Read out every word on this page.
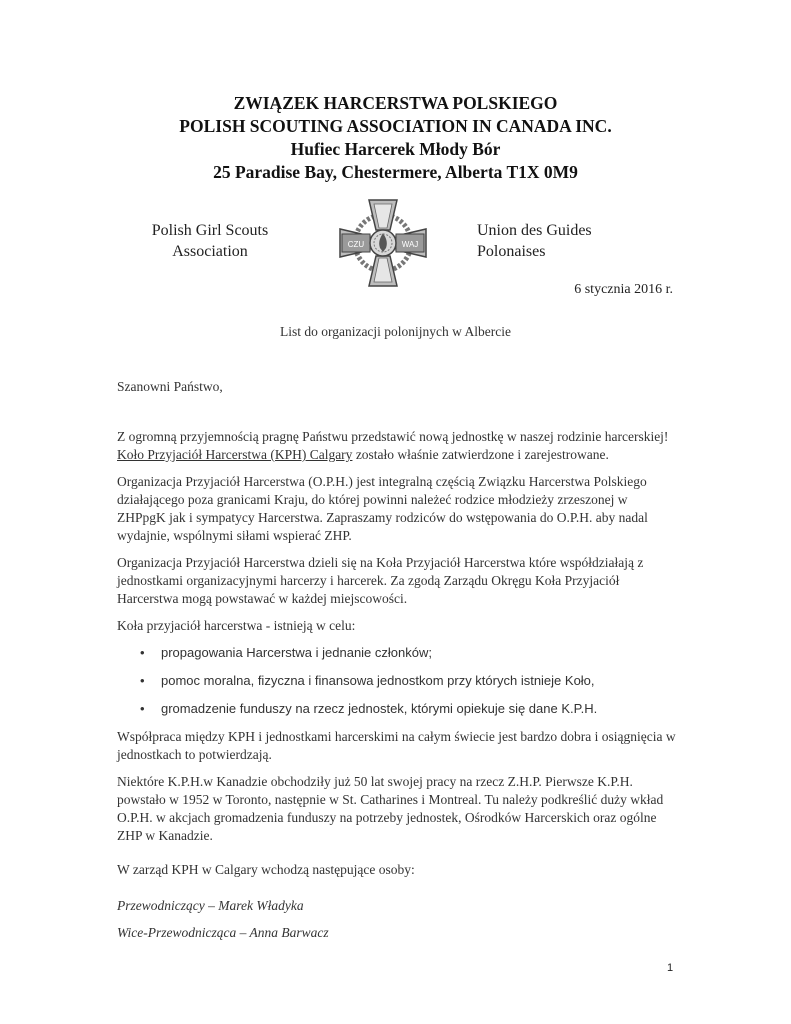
ZWIĄZEK HARCERSTWA POLSKIEGO
POLISH SCOUTING ASSOCIATION IN CANADA INC.
Hufiec Harcerek Młody Bór
25 Paradise Bay, Chestermere, Alberta T1X 0M9
Polish Girl Scouts
Association	CZU	WAJ
Union des Guides
Polonaises
6 stycznia 2016 r.
List do organizacji polonijnych w Albercie

Szanowni Państwo,

Z ogromną przyjemnością pragnę Państwu przedstawić nową jednostkę w naszej rodzinie harcerskiej! Koło Przyjaciół Harcerstwa (KPH) Calgary zostało właśnie zatwierdzone i zarejestrowane.

Organizacja Przyjaciół Harcerstwa (O.P.H.) jest integralną częścią Związku Harcerstwa Polskiego działającego poza granicami Kraju, do której powinni należeć rodzice młodzieży zrzeszonej w ZHPpgK jak i sympatycy Harcerstwa. Zapraszamy rodziców do wstępowania do O.P.H. aby nadal wydajnie, wspólnymi siłami wspierać ZHP.

Organizacja Przyjaciół Harcerstwa dzieli się na Koła Przyjaciół Harcerstwa które współdziałają z jednostkami organizacyjnymi harcerzy i harcerek. Za zgodą Zarządu Okręgu Koła Przyjaciół Harcerstwa mogą powstawać w każdej miejscowości.

Koła przyjaciół harcerstwa - istnieją w celu:

• propagowania Harcerstwa i jednanie członków;
• pomoc moralna, fizyczna i finansowa jednostkom przy których istnieje Koło,
• gromadzenie funduszy na rzecz jednostek, którymi opiekuje się dane K.P.H.

Współpraca między KPH i jednostkami harcerskimi na całym świecie jest bardzo dobra i osiągnięcia w jednostkach to potwierdzają.

Niektóre K.P.H.w Kanadzie obchodziły już 50 lat swojej pracy na rzecz Z.H.P. Pierwsze K.P.H. powstało w 1952 w Toronto, następnie w St. Catharines i Montreal. Tu należy podkreślić duży wkład O.P.H. w akcjach gromadzenia funduszy na potrzeby jednostek, Ośrodków Harcerskich oraz ogólne ZHP w Kanadzie.

W zarząd KPH w Calgary wchodzą następujące osoby:

Przewodniczący – Marek Władyka

Wice-Przewodnicząca – Anna Barwacz

1
